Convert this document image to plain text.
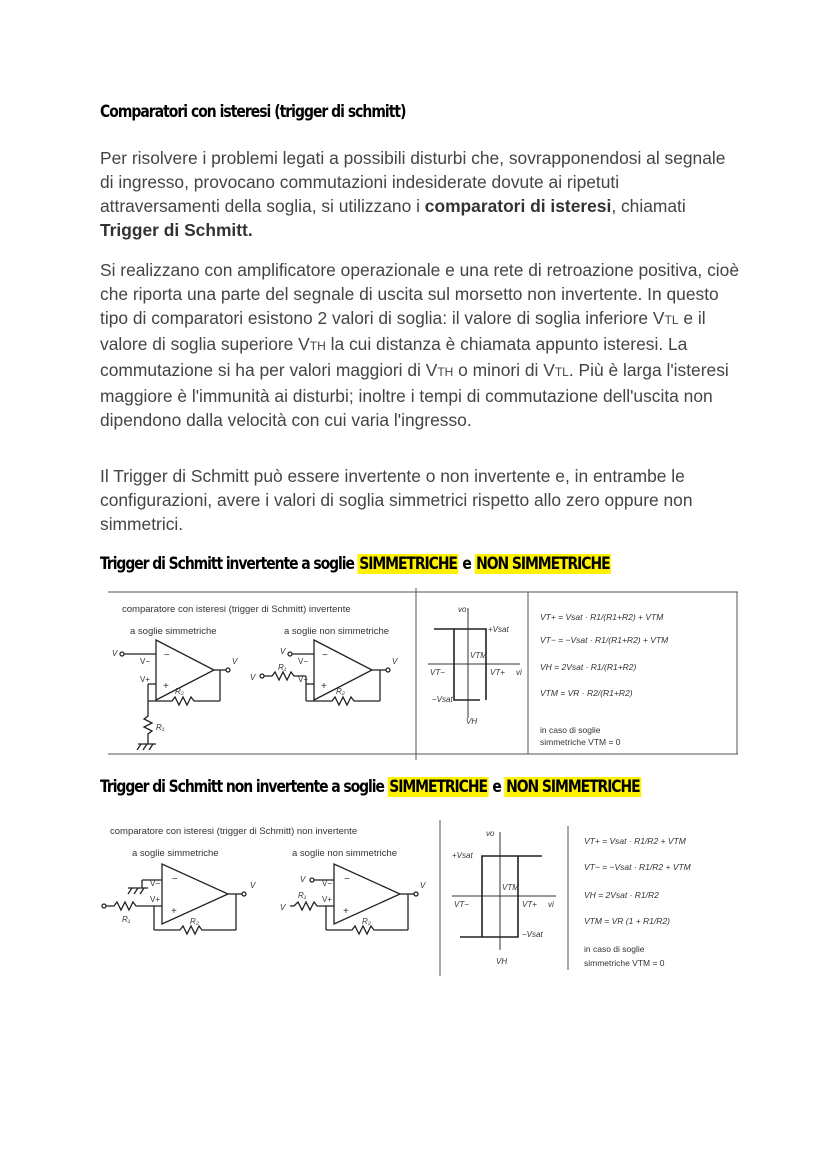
Comparatori con isteresi (trigger di schmitt)

Per risolvere i problemi legati a possibili disturbi che, sovrapponendosi al segnale di ingresso, provocano commutazioni indesiderate dovute ai ripetuti attraversamenti della soglia, si utilizzano i comparatori di isteresi, chiamati
Trigger di Schmitt.

Si realizzano con amplificatore operazionale e una rete di retroazione positiva, cioè che riporta una parte del segnale di uscita sul morsetto non invertente. In questo tipo di comparatori esistono 2 valori di soglia: il valore di soglia inferiore VTL e il valore di soglia superiore VTH la cui distanza è chiamata appunto isteresi. La commutazione si ha per valori maggiori di VTH o minori di VTL. Più è larga l'isteresi maggiore è l'immunità ai disturbi; inoltre i tempi di commutazione dell'uscita non dipendono dalla velocità con cui varia l'ingresso.

Il Trigger di Schmitt può essere invertente o non invertente e, in entrambe le configurazioni, avere i valori di soglia simmetrici rispetto allo zero oppure non simmetrici.

Trigger di Schmitt invertente a soglie SIMMETRICHE e NON SIMMETRICHE
comparatore con isteresi (trigger di Schmitt) invertente
a soglie simmetriche	a soglie non simmetriche
V
V−
V+
−
+
V
R₂
R₁
V
V−
V+
V
R₁
−
+
V
R₂
vo
+Vsat
VTM
VT−	VT+ vi
−Vsat
VH
VT+ = Vsat · R1/(R1+R2) + VTM
VT− = −Vsat · R1/(R1+R2) + VTM
VH = 2Vsat · R1/(R1+R2)
VTM = VR · R2/(R1+R2)
in caso di soglie
simmetriche VTM = 0
Trigger di Schmitt non invertente a soglie SIMMETRICHE e NON SIMMETRICHE
comparatore con isteresi (trigger di Schmitt) non invertente
a soglie simmetriche	a soglie non simmetriche
V−
V+
−
+
R₁	R₂
V
V V−
V+
V
R₁
−
+
R₂
V
vo
+Vsat
VTM
VT−	VT+ vi
−Vsat
VH
VT+ = Vsat · R1/R2 + VTM
VT− = −Vsat · R1/R2 + VTM
VH = 2Vsat · R1/R2
VTM = VR (1 + R1/R2)
in caso di soglie
simmetriche VTM = 0
